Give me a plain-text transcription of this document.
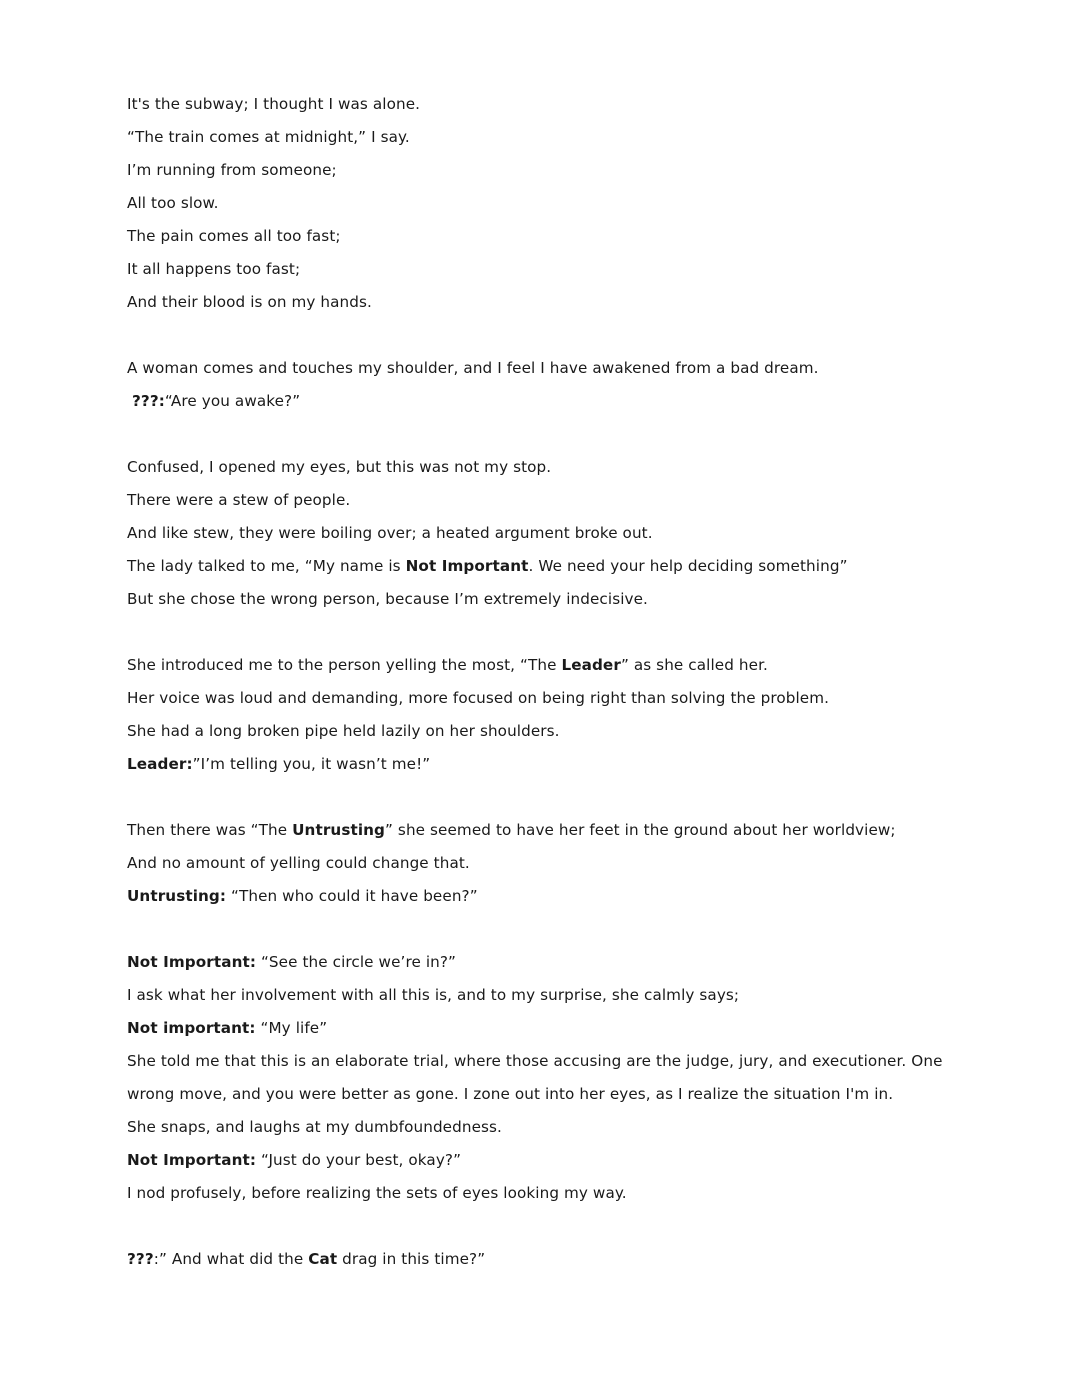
It's the subway; I thought I was alone.
“The train comes at midnight,” I say.
I’m running from someone;
All too slow.
The pain comes all too fast;
It all happens too fast;
And their blood is on my hands.
A woman comes and touches my shoulder, and I feel I have awakened from a bad dream.
???:“Are you awake?”
Confused, I opened my eyes, but this was not my stop.
There were a stew of people.
And like stew, they were boiling over; a heated argument broke out.
The lady talked to me, “My name is Not Important. We need your help deciding something”
But she chose the wrong person, because I’m extremely indecisive.
She introduced me to the person yelling the most, “The Leader” as she called her.
Her voice was loud and demanding, more focused on being right than solving the problem.
She had a long broken pipe held lazily on her shoulders.
Leader:”I’m telling you, it wasn’t me!”
Then there was “The Untrusting” she seemed to have her feet in the ground about her worldview;
And no amount of yelling could change that.
Untrusting: “Then who could it have been?”
Not Important: “See the circle we’re in?”
I ask what her involvement with all this is, and to my surprise, she calmly says;
Not important: “My life”
She told me that this is an elaborate trial, where those accusing are the judge, jury, and executioner. One
wrong move, and you were better as gone. I zone out into her eyes, as I realize the situation I'm in.
She snaps, and laughs at my dumbfoundedness.
Not Important: “Just do your best, okay?”
I nod profusely, before realizing the sets of eyes looking my way.
???:” And what did the Cat drag in this time?”
